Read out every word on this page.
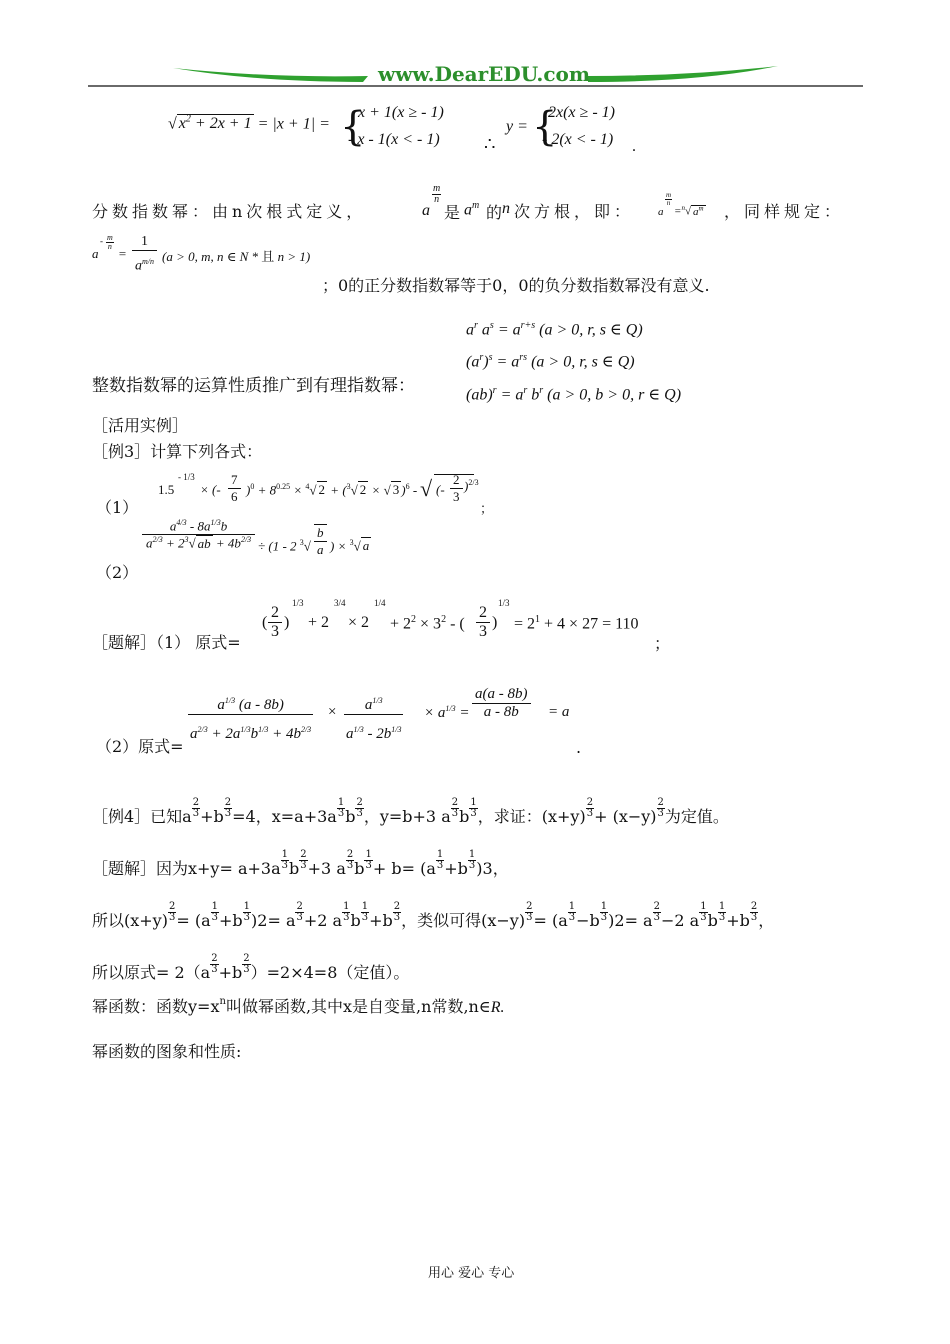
www.DearEDU.com
√ $x^2 + 2x + 1 = |x + 1|$ = {
x + 1(x ≥ - 1)
- x - 1(x < - 1) ∴
y = {
2x(x ≥ - 1)
- 2(x < - 1) .
分数指数幂：由n次根式定义，	a
m
n
是 $a^m$ 的 n 次方根，即： a
m
n
=$^n$√ $a^m$ ，同样规定：
a
- m
n =
1
$a^{m/n}$ (a > 0, m, n ∈ N * 且 n > 1)
；0的正分数指数幂等于0，0的负分数指数幂没有意义.
$a^r$ $a^s = a^{r+s}$ (a > 0, r, s ∈ Q)
$(a^r)^s = a^{rs}$ (a > 0, r, s ∈ Q)
$(ab)^r = a^r$ $b^r$ (a > 0, b > 0, r ∈ Q)
整数指数幂的运算性质推广到有理指数幂：
［活用实例］
［例3］计算下列各式：
（1）
1.5
- 1/3
× (-
7
6 )$^0 + 8^{0.25} \times ^4√$ 2 + ($^3$√ 2 × √ 3 )$^6$ - √ (-
2
3
)$^{2/3}$
；
（2）
$a^{4/3} - 8a^{1/3}b$
$a^{2/3} + 2^3√$ ab + $4b^{2/3} \div (1 - 2$ $^3$√
b
a ) × $^3$√ a
［题解］（1） 原式=
(
2
3
)
1/3
+ 2
3/4
× 2
1/4
+ $2^2 \times 3^2$ - (
2
3
)
1/3
= $2^1 + 4 \times 27 = 110$
；
（2）原式=
$a^{1/3}$ (a - 8b)
$a^{2/3} + 2a^{1/3}b^{1/3} + 4b^{2/3}$
×	$a^{1/3}$
$a^{1/3} - 2b^{1/3}$
× $a^{1/3}$ =
a(a - 8b)
a - 8b	= a
.
［例4］已知a $\frac{2}{3} +b \frac{2}{3} =4$，$x=a+3a \frac{1}{3}$ b $\frac{2}{3}$ ，y=b+3 a $\frac{2}{3}$ b $\frac{1}{3}$ ，求证：$(x+y) \frac{2}{3} + (x-y) \frac{2}{3}$ 为定值。
［题解］因为$x+y= a+3a \frac{1}{3}$ b $\frac{2}{3} +3$ a $\frac{2}{3}$ b $\frac{1}{3} + b= (a \frac{1}{3} +b \frac{1}{3} )3$，
所以$(x+y) \frac{2}{3} = (a \frac{1}{3} +b \frac{1}{3} )2= a \frac{2}{3} +2$ a $\frac{1}{3}$ b $\frac{1}{3} +b \frac{2}{3}$ ，类似可得$(x-y) \frac{2}{3} = (a \frac{1}{3} -b \frac{1}{3} )2= a \frac{2}{3} -2$ a $\frac{1}{3}$ b $\frac{1}{3} +b \frac{2}{3}$ ，
所以原式= $2(a \frac{2}{3} +b \frac{2}{3} )=2\times 4=8$（定值）。
幂函数：函数$y=x^n$叫做幂函数,其中x是自变量,n常数,n∈R.
幂函数的图象和性质:
用心 爱心 专心
